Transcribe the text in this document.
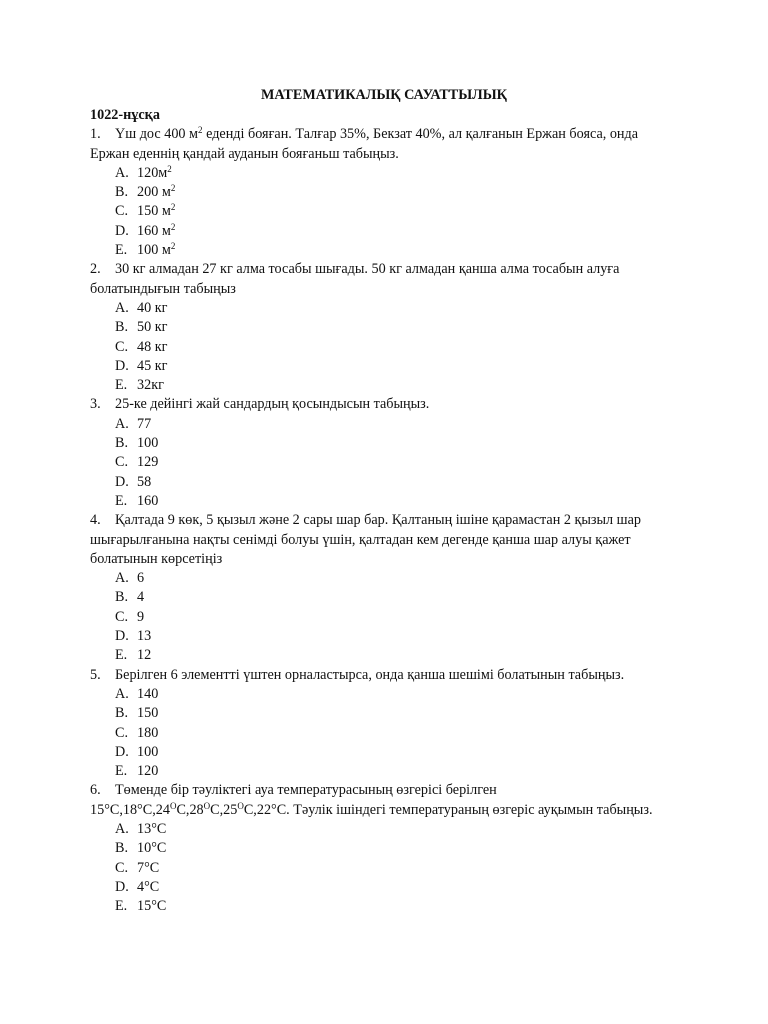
МАТЕМАТИКАЛЫҚ САУАТТЫЛЫҚ
1022-нұсқа

1. Үш дос 400 $м^2$ еденді бояған. Талғар 35%, Бекзат 40%, ал қалғанын Ержан бояса, онда Ержан еденнің қандай ауданын бояғаньш табыңыз.

A. $120м^2$
B. 200 $м^2$
C. 150 $м^2$
D. 160 $м^2$
E. 100 $м^2$

2. 30 кг алмадан 27 кг алма тосабы шығады. 50 кг алмадан қанша алма тосабын алуға болатындығын табыңыз

A. 40 кг
B. 50 кг
C. 48 кг
D. 45 кг
E. 32кг

3. 25-ке дейінгі жай сандардың қосындысын табыңыз.

A. 77
B. 100
C. 129
D. 58
E. 160

4. Қалтада 9 көк, 5 қызыл және 2 сары шар бар. Қалтаның ішіне қарамастан 2 қызыл шар шығарылғанына нақты сенімді болуы үшін, қалтадан кем дегенде қанша шар алуы қажет болатынын көрсетіңіз

A. 6
B. 4
C. 9
D. 13
E. 12

5. Берілген 6 элементті үштен орналастырса, онда қанша шешімі болатынын табыңыз.

A. 140
B. 150
C. 180
D. 100
E. 120

6. Төменде бір тәуліктегі ауа температурасының өзгерісі берілген $15^\circ С,18^\circ С,24^ОС,28^ОС,25^ОС,22^\circ С$. Тәулік ішіндегі температураның өзгеріс ауқымын табыңыз.

A. 13°С
B. 10°С
C. 7°С
D. 4°С
E. 15°С
